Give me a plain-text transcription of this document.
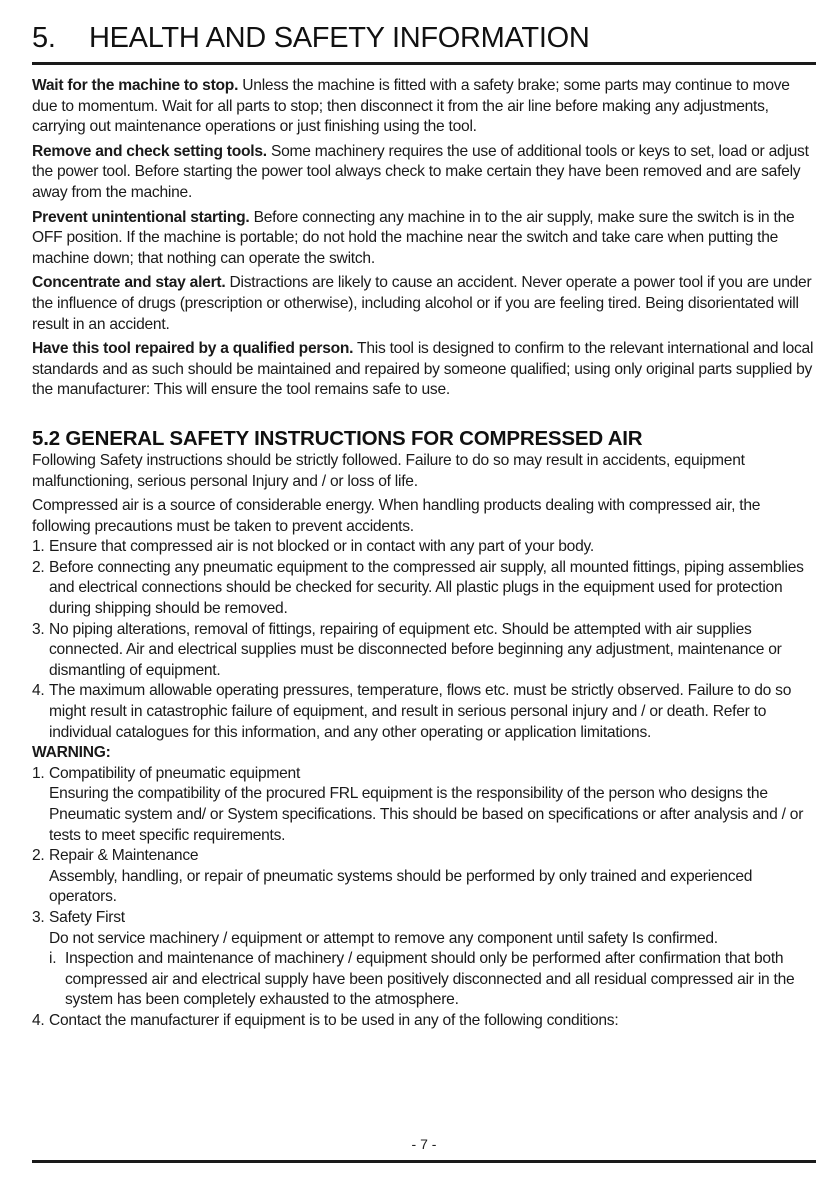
5. HEALTH AND SAFETY INFORMATION

Wait for the machine to stop. Unless the machine is fitted with a safety brake; some parts may continue to move due to momentum. Wait for all parts to stop; then disconnect it from the air line before making any adjustments, carrying out maintenance operations or just finishing using the tool.

Remove and check setting tools. Some machinery requires the use of additional tools or keys to set, load or adjust the power tool. Before starting the power tool always check to make certain they have been removed and are safely away from the machine.

Prevent unintentional starting. Before connecting any machine in to the air supply, make sure the switch is in the OFF position. If the machine is portable; do not hold the machine near the switch and take care when putting the machine down; that nothing can operate the switch.

Concentrate and stay alert. Distractions are likely to cause an accident. Never operate a power tool if you are under the influence of drugs (prescription or otherwise), including alcohol or if you are feeling tired. Being disorientated will result in an accident.

Have this tool repaired by a qualified person. This tool is designed to confirm to the relevant international and local standards and as such should be maintained and repaired by someone qualified; using only original parts supplied by the manufacturer: This will ensure the tool remains safe to use.

5.2 GENERAL SAFETY INSTRUCTIONS FOR COMPRESSED AIR

Following Safety instructions should be strictly followed. Failure to do so may result in accidents, equipment malfunctioning, serious personal Injury and / or loss of life.

Compressed air is a source of considerable energy. When handling products dealing with compressed air, the following precautions must be taken to prevent accidents.

1. Ensure that compressed air is not blocked or in contact with any part of your body.
2. Before connecting any pneumatic equipment to the compressed air supply, all mounted fittings, piping assemblies and electrical connections should be checked for security. All plastic plugs in the equipment used for protection during shipping should be removed.
3. No piping alterations, removal of fittings, repairing of equipment etc. Should be attempted with air supplies connected. Air and electrical supplies must be disconnected before beginning any adjustment, maintenance or dismantling of equipment.
4. The maximum allowable operating pressures, temperature, flows etc. must be strictly observed. Failure to do so might result in catastrophic failure of equipment, and result in serious personal injury and / or death. Refer to individual catalogues for this information, and any other operating or application limitations.

WARNING:

1. Compatibility of pneumatic equipment
Ensuring the compatibility of the procured FRL equipment is the responsibility of the person who designs the Pneumatic system and/ or System specifications. This should be based on specifications or after analysis and / or tests to meet specific requirements.
2. Repair & Maintenance
Assembly, handling, or repair of pneumatic systems should be performed by only trained and experienced operators.
3. Safety First
Do not service machinery / equipment or attempt to remove any component until safety Is confirmed.
i. Inspection and maintenance of machinery / equipment should only be performed after confirmation that both compressed air and electrical supply have been positively disconnected and all residual compressed air in the system has been completely exhausted to the atmosphere.
4. Contact the manufacturer if equipment is to be used in any of the following conditions:
- 7 -
